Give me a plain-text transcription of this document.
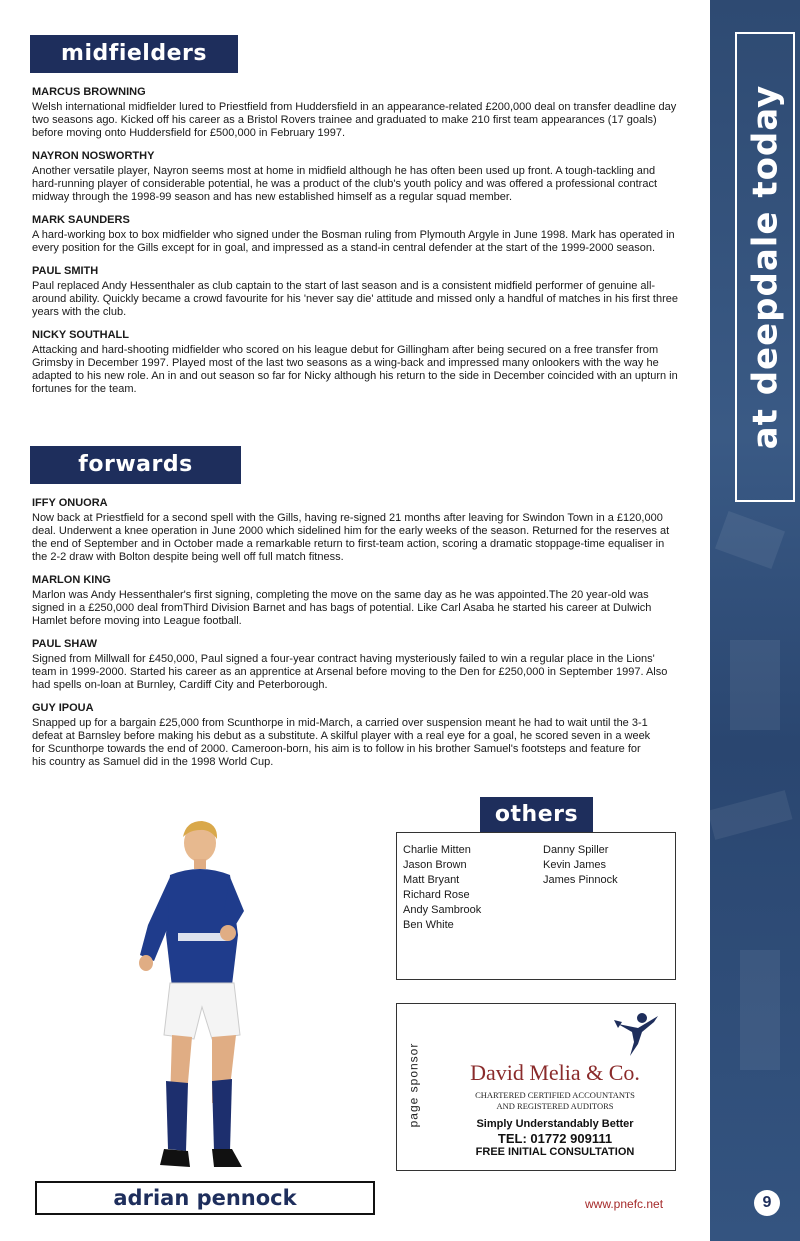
at deepdale today
9
midfielders
MARCUS BROWNING
Welsh international midfielder lured to Priestfield from Huddersfield in an appearance-related £200,000 deal on transfer deadline day two seasons ago. Kicked off his career as a Bristol Rovers trainee and graduated to make 210 first team appearances (17 goals) before moving onto Huddersfield for £500,000 in February 1997.
NAYRON NOSWORTHY
Another versatile player, Nayron seems most at home in midfield although he has often been used up front. A tough-tackling and hard-running player of considerable potential, he was a product of the club's youth policy and was offered a professional contract midway through the 1998-99 season and has new established himself as a regular squad member.
MARK SAUNDERS
A hard-working box to box midfielder who signed under the Bosman ruling from Plymouth Argyle in June 1998. Mark has operated in every position for the Gills except for in goal, and impressed as a stand-in central defender at the start of the 1999-2000 season.
PAUL SMITH
Paul replaced Andy Hessenthaler as club captain to the start of last season and is a consistent midfield performer of genuine all-around ability. Quickly became a crowd favourite for his 'never say die' attitude and missed only a handful of matches in his first three years with the club.
NICKY SOUTHALL
Attacking and hard-shooting midfielder who scored on his league debut for Gillingham after being secured on a free transfer from Grimsby in December 1997. Played most of the last two seasons as a wing-back and impressed many onlookers with the way he adapted to his new role. An in and out season so far for Nicky although his return to the side in December coincided with an upturn in fortunes for the team.
forwards
IFFY ONUORA
Now back at Priestfield for a second spell with the Gills, having re-signed 21 months after leaving for Swindon Town in a £120,000 deal. Underwent a knee operation in June 2000 which sidelined him for the early weeks of the season. Returned for the reserves at the end of September and in October made a remarkable return to first-team action, scoring a dramatic stoppage-time equaliser in the 2-2 draw with Bolton despite being well off full match fitness.
MARLON KING
Marlon was Andy Hessenthaler's first signing, completing the move on the same day as he was appointed.The 20 year-old was signed in a £250,000 deal fromThird Division Barnet and has bags of potential. Like Carl Asaba he started his career at Dulwich Hamlet before moving into League football.
PAUL SHAW
Signed from Millwall for £450,000, Paul signed a four-year contract having mysteriously failed to win a regular place in the Lions' team in 1999-2000. Started his career as an apprentice at Arsenal before moving to the Den for £250,000 in September 1997. Also had spells on-loan at Burnley, Cardiff City and Peterborough.
GUY IPOUA
Snapped up for a bargain £25,000 from Scunthorpe in mid-March, a carried over suspension meant he had to wait until the 3-1 defeat at Barnsley before making his debut as a substitute. A skilful player with a real eye for a goal, he scored seven in a week for Scunthorpe towards the end of 2000. Cameroon-born, his aim is to follow in his brother Samuel's footsteps and feature for his country as Samuel did in the 1998 World Cup.
others
Charlie Mitten
Jason Brown
Matt Bryant
Richard Rose
Andy Sambrook
Ben White
Danny Spiller
Kevin James
James Pinnock
page sponsor	David Melia & Co.
CHARTERED CERTIFIED ACCOUNTANTS
AND REGISTERED AUDITORS
Simply Understandably Better
TEL: 01772 909111
FREE INITIAL CONSULTATION
adrian pennock	www.pnefc.net
